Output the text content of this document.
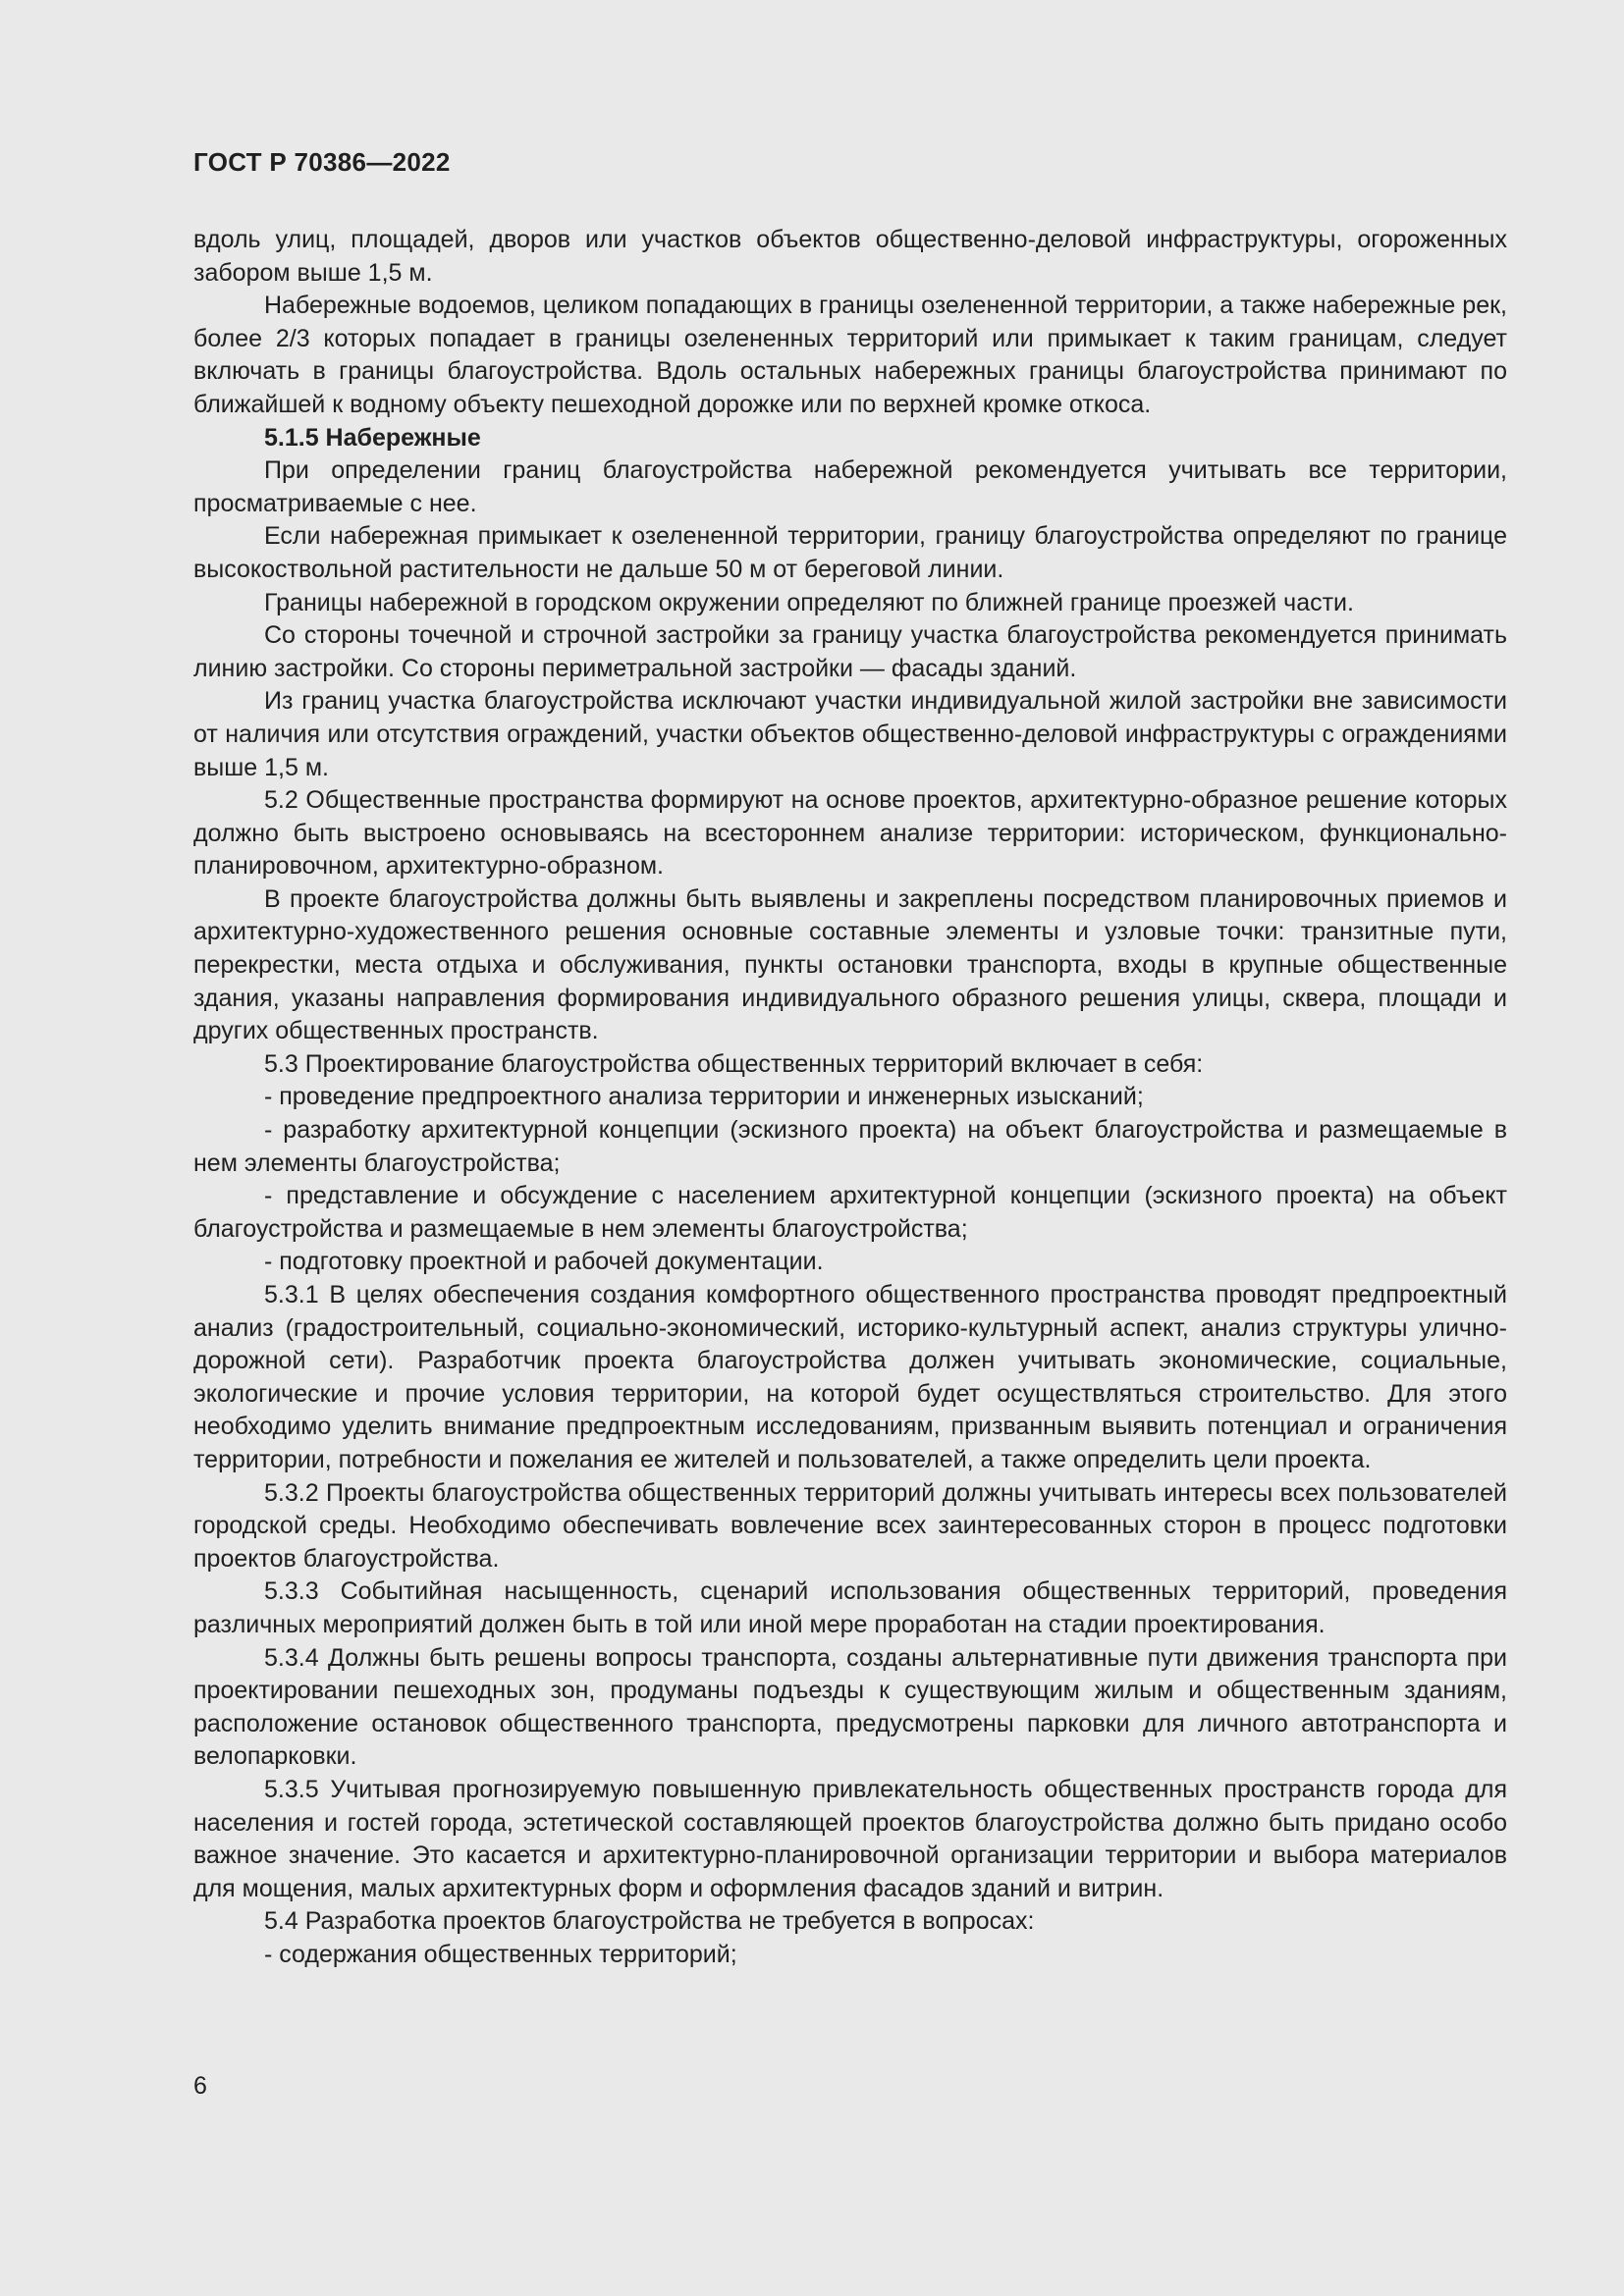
ГОСТ Р 70386—2022

вдоль улиц, площадей, дворов или участков объектов общественно-деловой инфраструктуры, огороженных забором выше 1,5 м.

Набережные водоемов, целиком попадающих в границы озелененной территории, а также набережные рек, более 2/3 которых попадает в границы озелененных территорий или примыкает к таким границам, следует включать в границы благоустройства. Вдоль остальных набережных границы благоустройства принимают по ближайшей к водному объекту пешеходной дорожке или по верхней кромке откоса.

5.1.5 Набережные

При определении границ благоустройства набережной рекомендуется учитывать все территории, просматриваемые с нее.

Если набережная примыкает к озелененной территории, границу благоустройства определяют по границе высокоствольной растительности не дальше 50 м от береговой линии.

Границы набережной в городском окружении определяют по ближней границе проезжей части.

Со стороны точечной и строчной застройки за границу участка благоустройства рекомендуется принимать линию застройки. Со стороны периметральной застройки — фасады зданий.

Из границ участка благоустройства исключают участки индивидуальной жилой застройки вне зависимости от наличия или отсутствия ограждений, участки объектов общественно-деловой инфраструктуры с ограждениями выше 1,5 м.

5.2 Общественные пространства формируют на основе проектов, архитектурно-образное решение которых должно быть выстроено основываясь на всестороннем анализе территории: историческом, функционально-планировочном, архитектурно-образном.

В проекте благоустройства должны быть выявлены и закреплены посредством планировочных приемов и архитектурно-художественного решения основные составные элементы и узловые точки: транзитные пути, перекрестки, места отдыха и обслуживания, пункты остановки транспорта, входы в крупные общественные здания, указаны направления формирования индивидуального образного решения улицы, сквера, площади и других общественных пространств.

5.3 Проектирование благоустройства общественных территорий включает в себя:

- проведение предпроектного анализа территории и инженерных изысканий;

- разработку архитектурной концепции (эскизного проекта) на объект благоустройства и размещаемые в нем элементы благоустройства;

- представление и обсуждение с населением архитектурной концепции (эскизного проекта) на объект благоустройства и размещаемые в нем элементы благоустройства;

- подготовку проектной и рабочей документации.

5.3.1 В целях обеспечения создания комфортного общественного пространства проводят предпроектный анализ (градостроительный, социально-экономический, историко-культурный аспект, анализ структуры улично-дорожной сети). Разработчик проекта благоустройства должен учитывать экономические, социальные, экологические и прочие условия территории, на которой будет осуществляться строительство. Для этого необходимо уделить внимание предпроектным исследованиям, призванным выявить потенциал и ограничения территории, потребности и пожелания ее жителей и пользователей, а также определить цели проекта.

5.3.2 Проекты благоустройства общественных территорий должны учитывать интересы всех пользователей городской среды. Необходимо обеспечивать вовлечение всех заинтересованных сторон в процесс подготовки проектов благоустройства.

5.3.3 Событийная насыщенность, сценарий использования общественных территорий, проведения различных мероприятий должен быть в той или иной мере проработан на стадии проектирования.

5.3.4 Должны быть решены вопросы транспорта, созданы альтернативные пути движения транспорта при проектировании пешеходных зон, продуманы подъезды к существующим жилым и общественным зданиям, расположение остановок общественного транспорта, предусмотрены парковки для личного автотранспорта и велопарковки.

5.3.5 Учитывая прогнозируемую повышенную привлекательность общественных пространств города для населения и гостей города, эстетической составляющей проектов благоустройства должно быть придано особо важное значение. Это касается и архитектурно-планировочной организации территории и выбора материалов для мощения, малых архитектурных форм и оформления фасадов зданий и витрин.

5.4 Разработка проектов благоустройства не требуется в вопросах:

- содержания общественных территорий;

6
